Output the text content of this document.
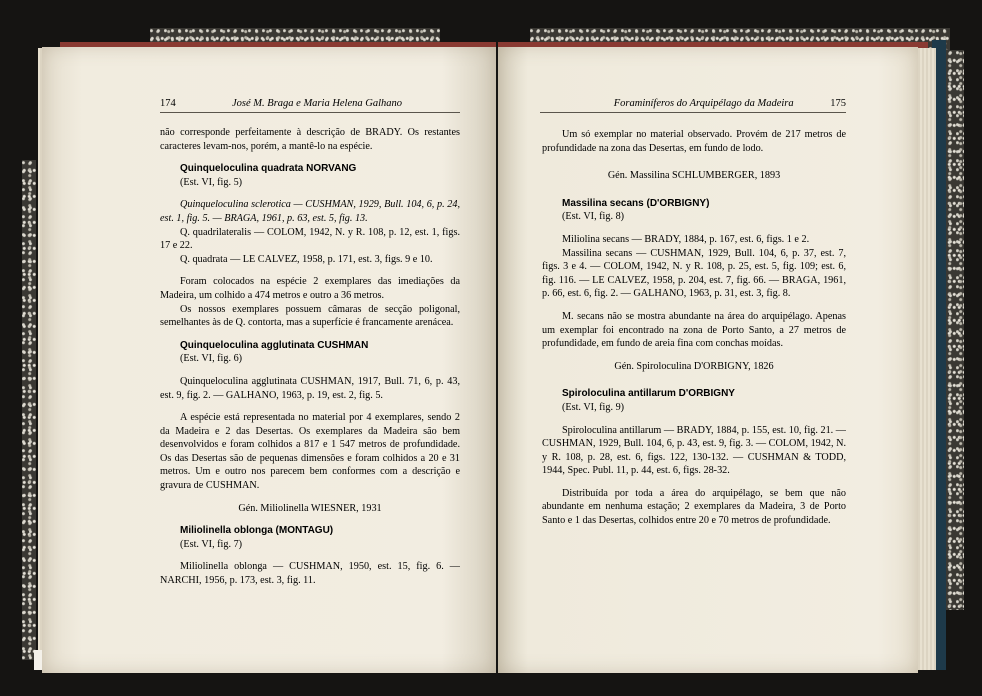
174	José M. Braga e Maria Helena Galhano

não corresponde perfeitamente à descrição de BRADY. Os restantes caracteres levam-nos, porém, a mantê-lo na espécie.

Quinqueloculina quadrata NORVANG

(Est. VI, fig. 5)

Quinqueloculina sclerotica — CUSHMAN, 1929, Bull. 104, 6, p. 24, est. 1, fig. 5. — BRAGA, 1961, p. 63, est. 5, fig. 13.

Q. quadrilateralis — COLOM, 1942, N. y R. 108, p. 12, est. 1, figs. 17 e 22.

Q. quadrata — LE CALVEZ, 1958, p. 171, est. 3, figs. 9 e 10.

Foram colocados na espécie 2 exemplares das imediações da Madeira, um colhido a 474 metros e outro a 36 metros.

Os nossos exemplares possuem câmaras de secção poligonal, semelhantes às de Q. contorta, mas a superfície é francamente arenácea.

Quinqueloculina agglutinata CUSHMAN

(Est. VI, fig. 6)

Quinqueloculina agglutinata CUSHMAN, 1917, Bull. 71, 6, p. 43, est. 9, fig. 2. — GALHANO, 1963, p. 19, est. 2, fig. 5.

A espécie está representada no material por 4 exemplares, sendo 2 da Madeira e 2 das Desertas. Os exemplares da Madeira são bem desenvolvidos e foram colhidos a 817 e 1 547 metros de profundidade. Os das Desertas são de pequenas dimensões e foram colhidos a 20 e 31 metros. Um e outro nos parecem bem conformes com a descrição e gravura de CUSHMAN.

Gén. Miliolinella WIESNER, 1931

Miliolinella oblonga (MONTAGU)

(Est. VI, fig. 7)

Miliolinella oblonga — CUSHMAN, 1950, est. 15, fig. 6. — NARCHI, 1956, p. 173, est. 3, fig. 11.

Foraminíferos do Arquipélago da Madeira	175

Um só exemplar no material observado. Provém de 217 metros de profundidade na zona das Desertas, em fundo de lodo.

Gén. Massilina SCHLUMBERGER, 1893

Massilina secans (D'ORBIGNY)

(Est. VI, fig. 8)

Miliolina secans — BRADY, 1884, p. 167, est. 6, figs. 1 e 2.

Massilina secans — CUSHMAN, 1929, Bull. 104, 6, p. 37, est. 7, figs. 3 e 4. — COLOM, 1942, N. y R. 108, p. 25, est. 5, fig. 109; est. 6, fig. 116. — LE CALVEZ, 1958, p. 204, est. 7, fig. 66. — BRAGA, 1961, p. 66, est. 6, fig. 2. — GALHANO, 1963, p. 31, est. 3, fig. 8.

M. secans não se mostra abundante na área do arquipélago. Apenas um exemplar foi encontrado na zona de Porto Santo, a 27 metros de profundidade, em fundo de areia fina com conchas moídas.

Gén. Spiroloculina D'ORBIGNY, 1826

Spiroloculina antillarum D'ORBIGNY

(Est. VI, fig. 9)

Spiroloculina antillarum — BRADY, 1884, p. 155, est. 10, fig. 21. — CUSHMAN, 1929, Bull. 104, 6, p. 43, est. 9, fig. 3. — COLOM, 1942, N. y R. 108, p. 28, est. 6, figs. 122, 130-132. — CUSHMAN & TODD, 1944, Spec. Publ. 11, p. 44, est. 6, figs. 28-32.

Distribuída por toda a área do arquipélago, se bem que não abundante em nenhuma estação; 2 exemplares da Madeira, 3 de Porto Santo e 1 das Desertas, colhidos entre 20 e 70 metros de profundidade.
